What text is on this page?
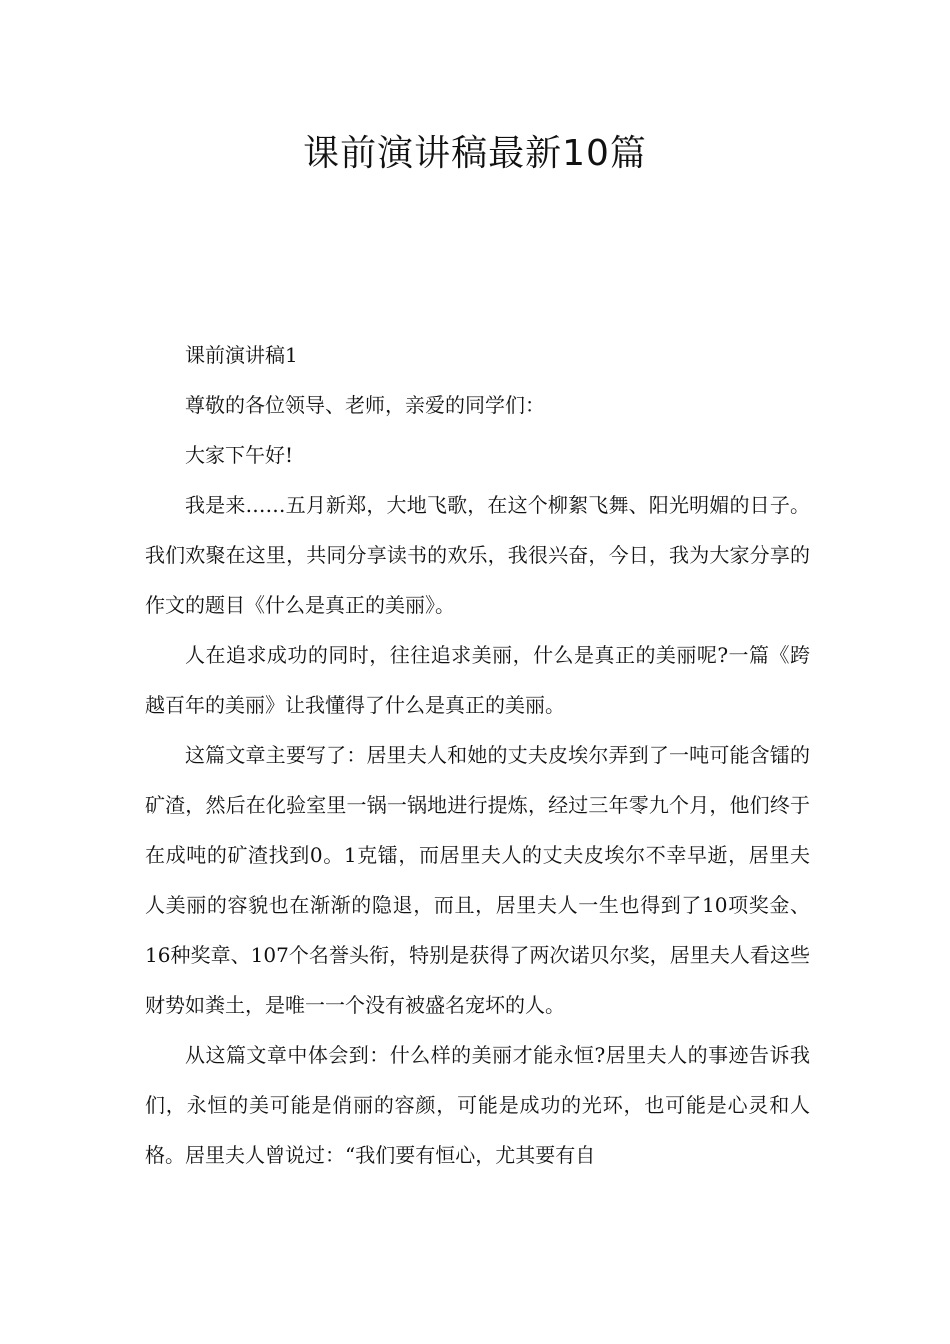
课前演讲稿最新10篇

课前演讲稿1

尊敬的各位领导、老师，亲爱的同学们：

大家下午好!

我是来……五月新郑，大地飞歌，在这个柳絮飞舞、阳光明媚的日子。我们欢聚在这里，共同分享读书的欢乐，我很兴奋，今日，我为大家分享的作文的题目《什么是真正的美丽》。

人在追求成功的同时，往往追求美丽，什么是真正的美丽呢?一篇《跨越百年的美丽》让我懂得了什么是真正的美丽。

这篇文章主要写了：居里夫人和她的丈夫皮埃尔弄到了一吨可能含镭的矿渣，然后在化验室里一锅一锅地进行提炼，经过三年零九个月，他们终于在成吨的矿渣找到0。1克镭，而居里夫人的丈夫皮埃尔不幸早逝，居里夫人美丽的容貌也在渐渐的隐退，而且，居里夫人一生也得到了10项奖金、16种奖章、107个名誉头衔，特别是获得了两次诺贝尔奖，居里夫人看这些财势如粪土，是唯一一个没有被盛名宠坏的人。

从这篇文章中体会到：什么样的美丽才能永恒?居里夫人的事迹告诉我们，永恒的美可能是俏丽的容颜，可能是成功的光环，也可能是心灵和人格。居里夫人曾说过：“我们要有恒心，尤其要有自
